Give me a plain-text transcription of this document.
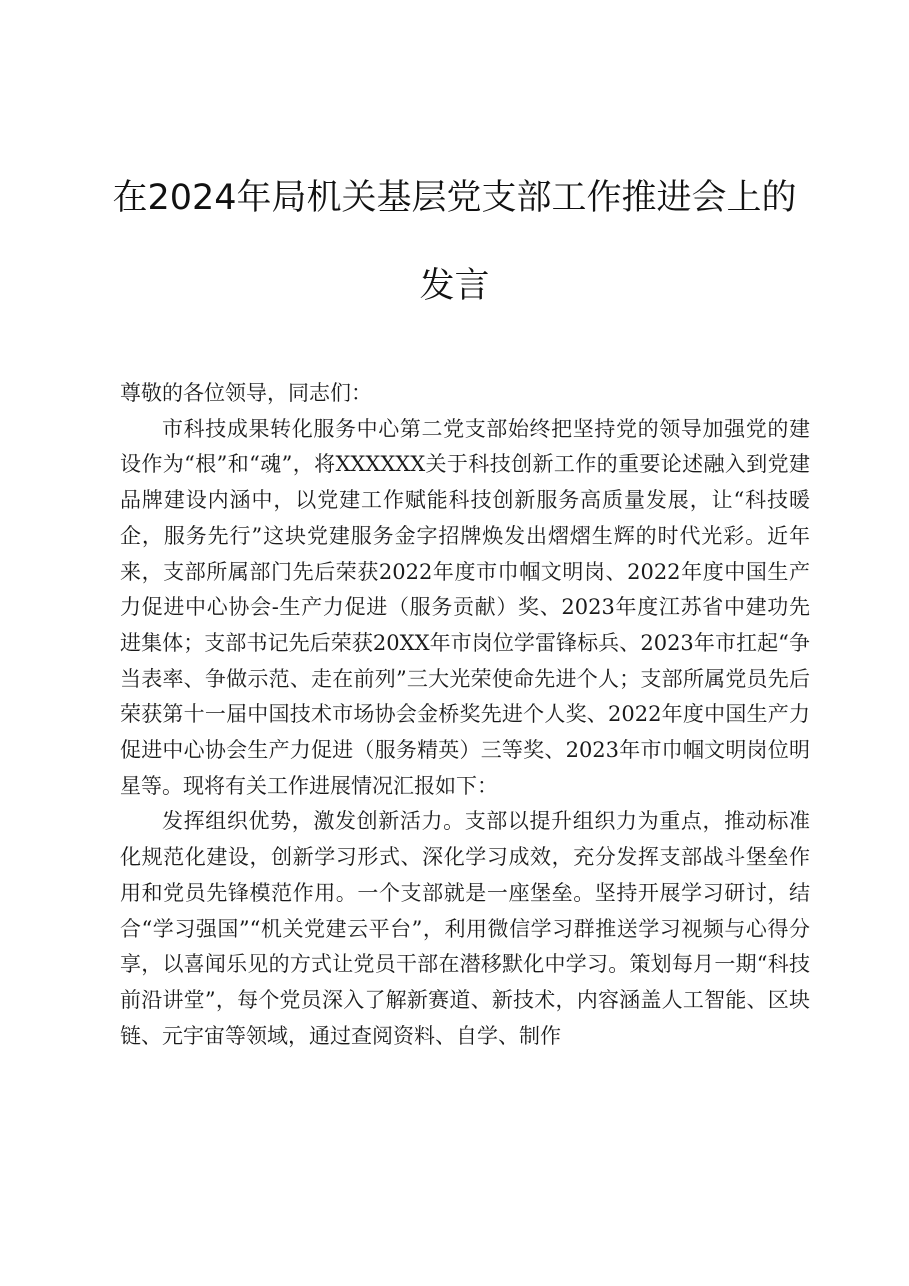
在2024年局机关基层党支部工作推进会上的
发言

尊敬的各位领导，同志们：

市科技成果转化服务中心第二党支部始终把坚持党的领导加强党的建设作为“根”和“魂”，将XXXXXX关于科技创新工作的重要论述融入到党建品牌建设内涵中，以党建工作赋能科技创新服务高质量发展，让“科技暖企，服务先行”这块党建服务金字招牌焕发出熠熠生辉的时代光彩。近年来，支部所属部门先后荣获2022年度市巾帼文明岗、2022年度中国生产力促进中心协会-生产力促进（服务贡献）奖、2023年度江苏省中建功先进集体；支部书记先后荣获20XX年市岗位学雷锋标兵、2023年市扛起“争当表率、争做示范、走在前列”三大光荣使命先进个人；支部所属党员先后荣获第十一届中国技术市场协会金桥奖先进个人奖、2022年度中国生产力促进中心协会生产力促进（服务精英）三等奖、2023年市巾帼文明岗位明星等。现将有关工作进展情况汇报如下：

发挥组织优势，激发创新活力。支部以提升组织力为重点，推动标准化规范化建设，创新学习形式、深化学习成效，充分发挥支部战斗堡垒作用和党员先锋模范作用。一个支部就是一座堡垒。坚持开展学习研讨，结合“学习强国”“机关党建云平台”，利用微信学习群推送学习视频与心得分享，以喜闻乐见的方式让党员干部在潜移默化中学习。策划每月一期“科技前沿讲堂”，每个党员深入了解新赛道、新技术，内容涵盖人工智能、区块链、元宇宙等领域，通过查阅资料、自学、制作
